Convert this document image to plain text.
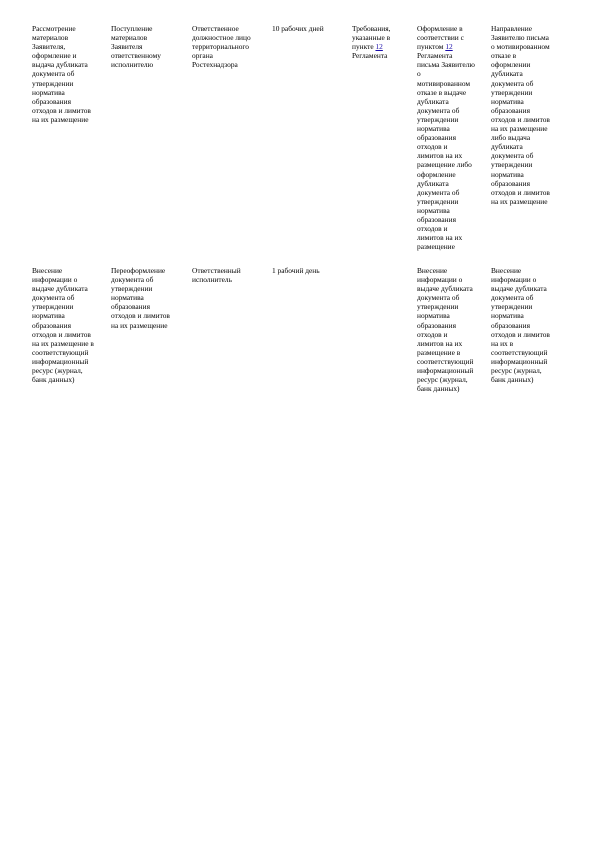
Рассмотрение
материалов
Заявителя,
оформление и
выдача дубликата
документа об
утверждении
норматива
образования
отходов и лимитов
на их размещение
Поступление
материалов
Заявителя
ответственному
исполнителю
Ответственное
должностное лицо
территориального
органа
Ростехнадзора
10 рабочих дней	Требования,
указанные в
пункте 12
Регламента
Оформление в
соответствии с
пунктом 12
Регламента
письма Заявителю
о
мотивированном
отказе в выдаче
дубликата
документа об
утверждении
норматива
образования
отходов и
лимитов на их
размещение либо
оформление
дубликата
документа об
утверждении
норматива
образования
отходов и
лимитов на их
размещение
Направление
Заявителю письма
о мотивированном
отказе в
оформлении
дубликата
документа об
утверждении
норматива
образования
отходов и лимитов
на их размещение
либо выдача
дубликата
документа об
утверждении
норматива
образования
отходов и лимитов
на их размещение
Внесение
информации о
выдаче дубликата
документа об
утверждении
норматива
образования
отходов и лимитов
на их размещение в
соответствующий
информационный
ресурс (журнал,
банк данных)
Переоформление
документа об
утверждении
норматива
образования
отходов и лимитов
на их размещение
Ответственный
исполнитель
1 рабочий день	Внесение
информации о
выдаче дубликата
документа об
утверждении
норматива
образования
отходов и
лимитов на их
размещение в
соответствующий
информационный
ресурс (журнал,
банк данных)
Внесение
информации о
выдаче дубликата
документа об
утверждении
норматива
образования
отходов и лимитов
на их в
соответствующий
информационный
ресурс (журнал,
банк данных)
